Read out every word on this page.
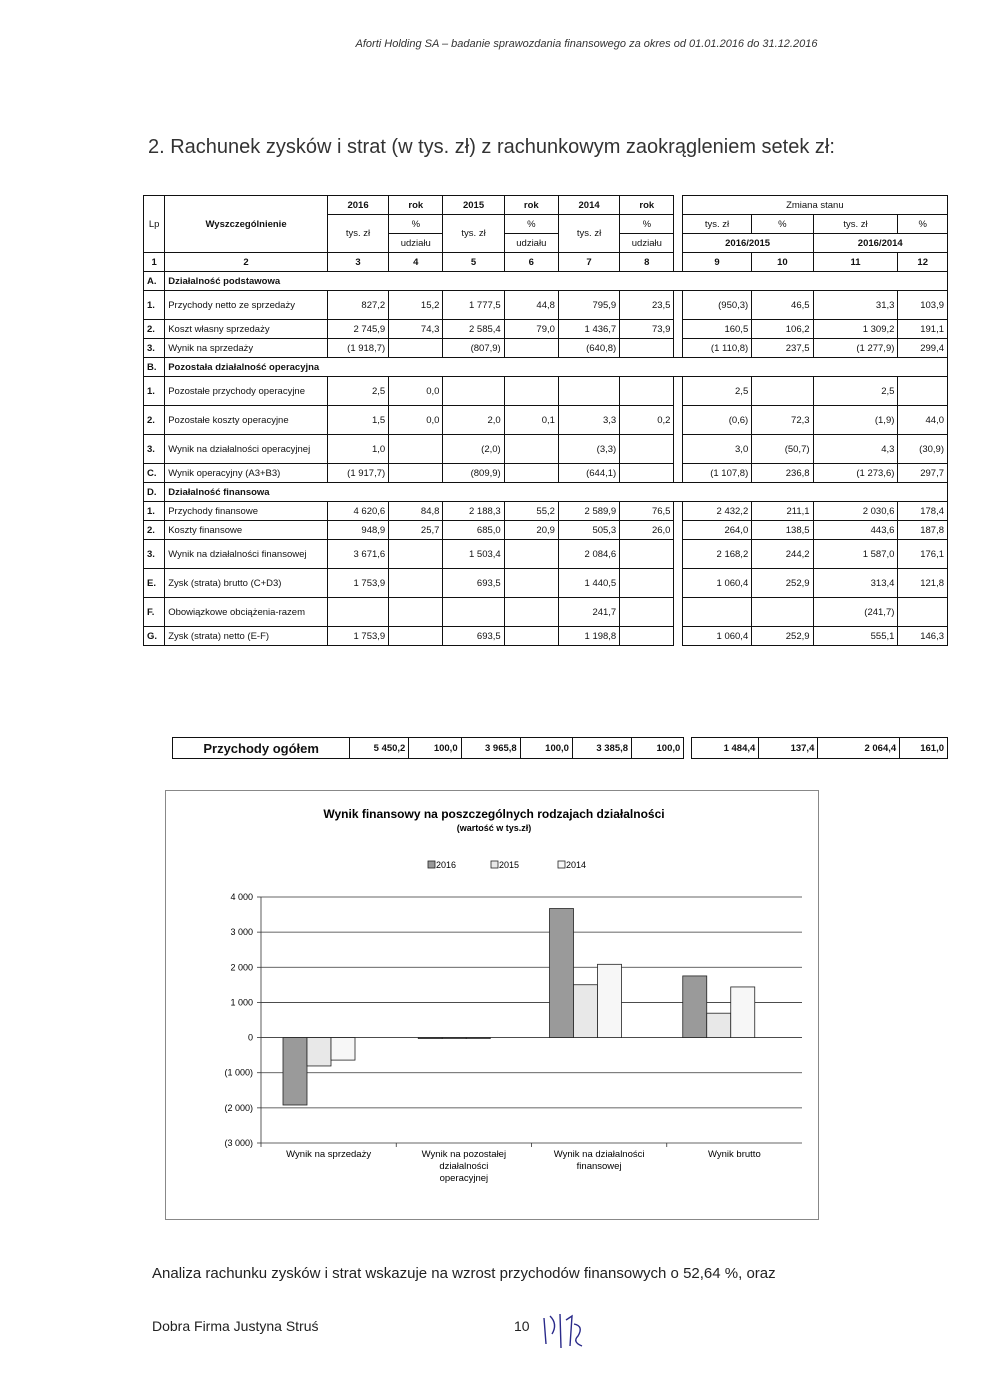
Aforti Holding SA – badanie sprawozdania finansowego za okres od 01.01.2016 do 31.12.2016
2. Rachunek zysków i strat (w tys. zł) z rachunkowym zaokrągleniem setek zł:
Lp	Wyszczególnienie	2016	rok	2015	rok	2014	rok		Zmiana stanu			
		tys. zł	%	tys. zł	%	tys. zł	%		tys. zł	%	tys. zł	%
			udziału		udziału		udziału		2016/2015		2016/2014	
1	2	3	4	5	6	7	8		9	10	11	12
A.	Działalność podstawowa											
1.	Przychody netto ze sprzedaży	827,2	15,2	1 777,5	44,8	795,9	23,5		(950,3)	46,5	31,3	103,9
2.	Koszt własny sprzedaży	2 745,9	74,3	2 585,4	79,0	1 436,7	73,9		160,5	106,2	1 309,2	191,1
3.	Wynik na sprzedaży	(1 918,7)		(807,9)		(640,8)			(1 110,8)	237,5	(1 277,9)	299,4
B.	Pozostała działalność operacyjna											
1.	Pozostałe przychody operacyjne	2,5	0,0						2,5		2,5	
2.	Pozostałe koszty operacyjne	1,5	0,0	2,0	0,1	3,3	0,2		(0,6)	72,3	(1,9)	44,0
3.	Wynik na działalności operacyjnej	1,0		(2,0)		(3,3)			3,0	(50,7)	4,3	(30,9)
C.	Wynik operacyjny (A3+B3)	(1 917,7)		(809,9)		(644,1)			(1 107,8)	236,8	(1 273,6)	297,7
D.	Działalność finansowa											
1.	Przychody finansowe	4 620,6	84,8	2 188,3	55,2	2 589,9	76,5		2 432,2	211,1	2 030,6	178,4
2.	Koszty finansowe	948,9	25,7	685,0	20,9	505,3	26,0		264,0	138,5	443,6	187,8
3.	Wynik na działalności finansowej	3 671,6		1 503,4		2 084,6			2 168,2	244,2	1 587,0	176,1
E.	Zysk (strata) brutto (C+D3)	1 753,9		693,5		1 440,5			1 060,4	252,9	313,4	121,8
F.	Obowiązkowe obciążenia-razem					241,7					(241,7)	
G.	Zysk (strata) netto (E-F)	1 753,9		693,5		1 198,8			1 060,4	252,9	555,1	146,3
Przychody ogółem	5 450,2	100,0	3 965,8	100,0	3 385,8	100,0		1 484,4	137,4	2 064,4	161,0
Wynik finansowy na poszczególnych rodzajach działalności
(wartość w tys.zł)
2016	2015	2014
4 000
3 000
2 000
1 000
0
(1 000)
(2 000)
(3 000)
Wynik na sprzedaży	Wynik na pozostałej
działalności
operacyjnej
Wynik na działalności
finansowej
Wynik brutto
Analiza rachunku zysków i strat wskazuje na wzrost przychodów finansowych o 52,64 %, oraz
Dobra Firma Justyna Struś	10
